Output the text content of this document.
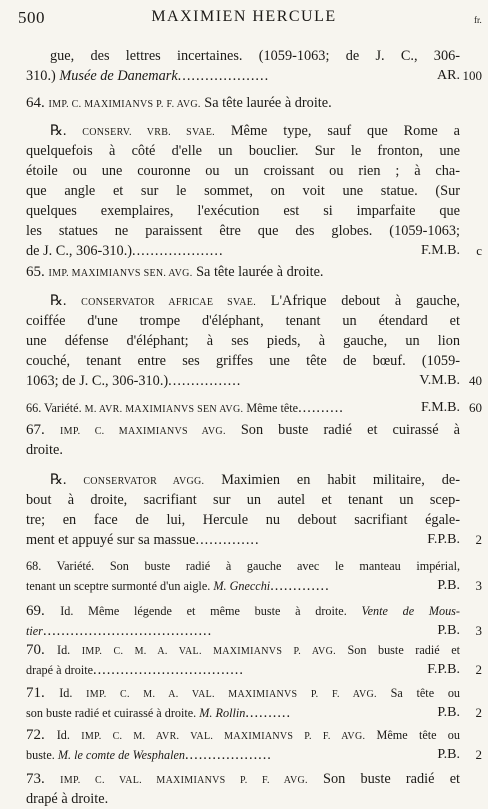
500	MAXIMIEN HERCULE	fr.
gue, des lettres incertaines. (1059-1063; de J. C., 306-
310.) Musée de Danemark....................	AR. 100
64. IMP. C. MAXIMIANVS P. F. AVG. Sa tête laurée à droite.
℞. CONSERV. VRB. SVAE. Même type, sauf que Rome a
quelquefois à côté d'elle un bouclier. Sur le fronton, une
étoile ou une couronne ou un croissant ou rien ; à cha-
que angle et sur le sommet, on voit une statue. (Sur
quelques exemplaires, l'exécution est si imparfaite que
les statues ne paraissent être que des globes. (1059-1063;
de J. C., 306-310.)....................	F.M.B.	c
65. IMP. MAXIMIANVS SEN. AVG. Sa tête laurée à droite.
℞. CONSERVATOR AFRICAE SVAE. L'Afrique debout à gauche,
coiffée d'une trompe d'éléphant, tenant un étendard et
une défense d'éléphant; à ses pieds, à gauche, un lion
couché, tenant entre ses griffes une tête de bœuf. (1059-
1063; de J. C., 306-310.)................	V.M.B. 40
66. Variété. M. AVR. MAXIMIANVS SEN AVG. Même tête..........	F.M.B. 60
67. IMP. C. MAXIMIANVS AVG. Son buste radié et cuirassé à
droite.
℞. CONSERVATOR AVGG. Maximien en habit militaire, de-
bout à droite, sacrifiant sur un autel et tenant un scep-
tre; en face de lui, Hercule nu debout sacrifiant égale-
ment et appuyé sur sa massue..............	F.P.B.	2
68. Variété. Son buste radié à gauche avec le manteau impérial,
tenant un sceptre surmonté d'un aigle. M. Gnecchi.............	P.B.	3
69. Id. Même légende et même buste à droite. Vente de Mous-
tier.....................................	P.B.	3
70. Id. IMP. C. M. A. VAL. MAXIMIANVS P. AVG. Son buste radié et
drapé à droite.................................	F.P.B.	2
71. Id. IMP. C. M. A. VAL. MAXIMIANVS P. F. AVG. Sa tête ou
son buste radié et cuirassé à droite. M. Rollin..........	P.B.	2
72. Id. IMP. C. M. AVR. VAL. MAXIMIANVS P. F. AVG. Même tête ou
buste. M. le comte de Wesphalen...................	P.B.	2
73. IMP. C. VAL. MAXIMIANVS P. F. AVG. Son buste radié et
drapé à droite.
